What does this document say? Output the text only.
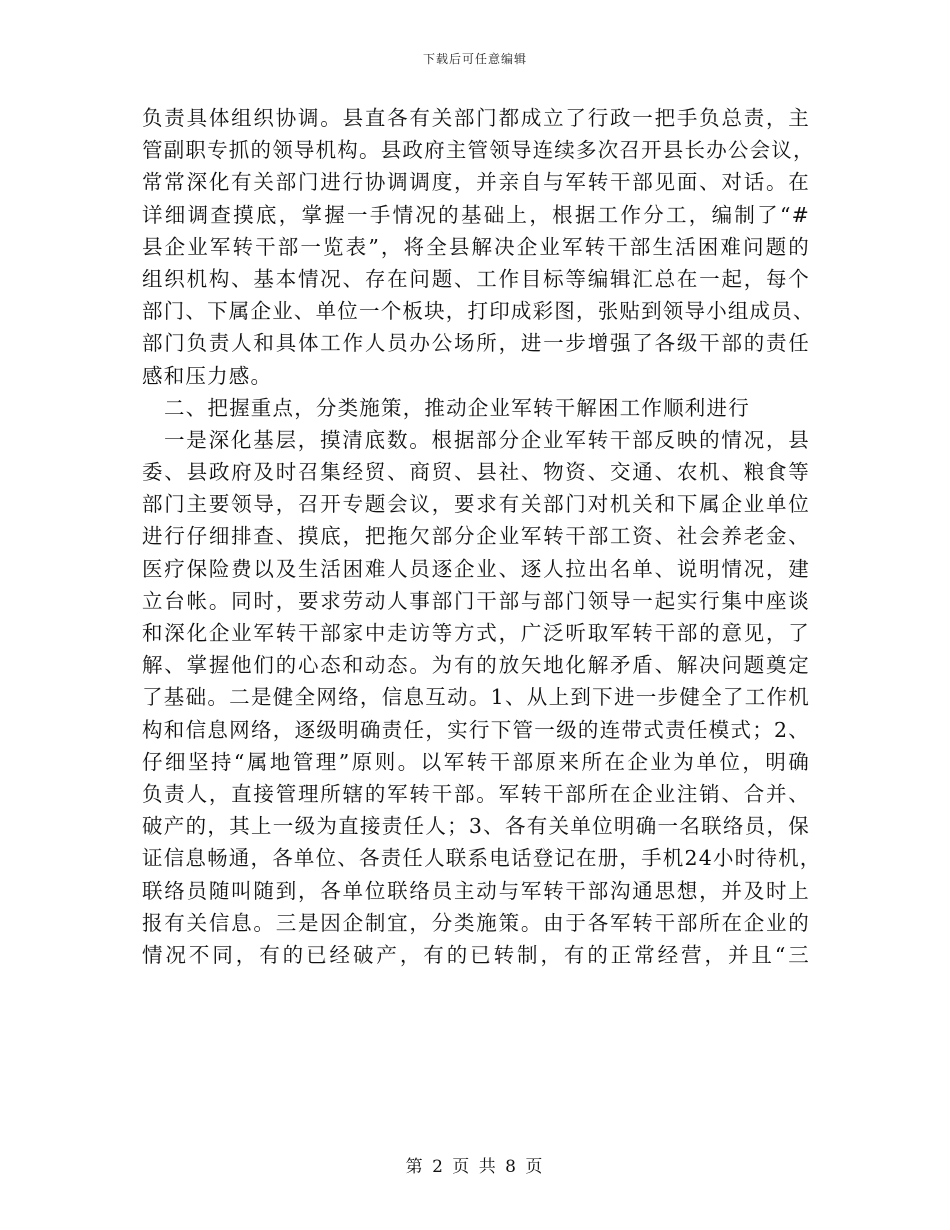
下载后可任意编辑
负责具体组织协调。县直各有关部门都成立了行政一把手负总责，主
管副职专抓的领导机构。县政府主管领导连续多次召开县长办公会议，
常常深化有关部门进行协调调度，并亲自与军转干部见面、对话。在
详细调查摸底，掌握一手情况的基础上，根据工作分工，编制了“#
县企业军转干部一览表”，将全县解决企业军转干部生活困难问题的
组织机构、基本情况、存在问题、工作目标等编辑汇总在一起，每个
部门、下属企业、单位一个板块，打印成彩图，张贴到领导小组成员、
部门负责人和具体工作人员办公场所，进一步增强了各级干部的责任
感和压力感。
二、把握重点，分类施策，推动企业军转干解困工作顺利进行
一是深化基层，摸清底数。根据部分企业军转干部反映的情况，县
委、县政府及时召集经贸、商贸、县社、物资、交通、农机、粮食等
部门主要领导，召开专题会议，要求有关部门对机关和下属企业单位
进行仔细排查、摸底，把拖欠部分企业军转干部工资、社会养老金、
医疗保险费以及生活困难人员逐企业、逐人拉出名单、说明情况，建
立台帐。同时，要求劳动人事部门干部与部门领导一起实行集中座谈
和深化企业军转干部家中走访等方式，广泛听取军转干部的意见，了
解、掌握他们的心态和动态。为有的放矢地化解矛盾、解决问题奠定
了基础。二是健全网络，信息互动。1、从上到下进一步健全了工作机
构和信息网络，逐级明确责任，实行下管一级的连带式责任模式；2、
仔细坚持“属地管理”原则。以军转干部原来所在企业为单位，明确
负责人，直接管理所辖的军转干部。军转干部所在企业注销、合并、
破产的，其上一级为直接责任人；3、各有关单位明确一名联络员，保
证信息畅通，各单位、各责任人联系电话登记在册，手机24小时待机，
联络员随叫随到，各单位联络员主动与军转干部沟通思想，并及时上
报有关信息。三是因企制宜，分类施策。由于各军转干部所在企业的
情况不同，有的已经破产，有的已转制，有的正常经营，并且“三
第 2 页 共 8 页
